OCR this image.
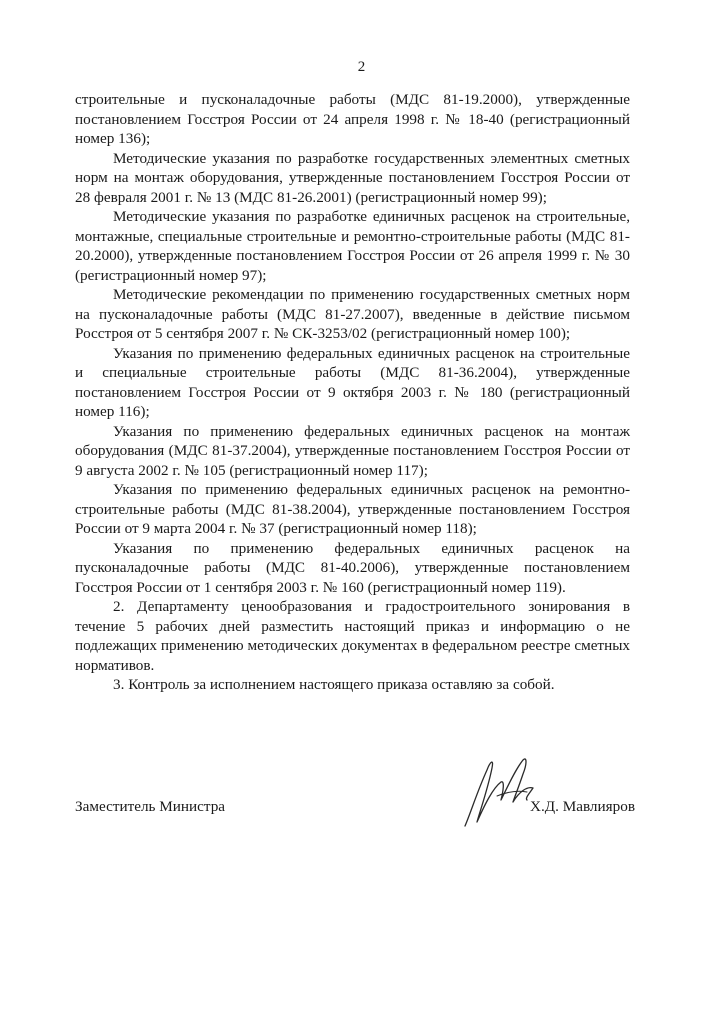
2

строительные и пусконаладочные работы (МДС 81-19.2000), утвержденные постановлением Госстроя России от 24 апреля 1998 г. № 18-40 (регистрационный номер 136);

Методические указания по разработке государственных элементных сметных норм на монтаж оборудования, утвержденные постановлением Госстроя России от 28 февраля 2001 г. № 13 (МДС 81-26.2001) (регистрационный номер 99);

Методические указания по разработке единичных расценок на строительные, монтажные, специальные строительные и ремонтно-строительные работы (МДС 81-20.2000), утвержденные постановлением Госстроя России от 26 апреля 1999 г. № 30 (регистрационный номер 97);

Методические рекомендации по применению государственных сметных норм на пусконаладочные работы (МДС 81-27.2007), введенные в действие письмом Росстроя от 5 сентября 2007 г. № СК-3253/02 (регистрационный номер 100);

Указания по применению федеральных единичных расценок на строительные и специальные строительные работы (МДС 81-36.2004), утвержденные постановлением Госстроя России от 9 октября 2003 г. № 180 (регистрационный номер 116);

Указания по применению федеральных единичных расценок на монтаж оборудования (МДС 81-37.2004), утвержденные постановлением Госстроя России от 9 августа 2002 г. № 105 (регистрационный номер 117);

Указания по применению федеральных единичных расценок на ремонтно-строительные работы (МДС 81-38.2004), утвержденные постановлением Госстроя России от 9 марта 2004 г. № 37 (регистрационный номер 118);

Указания по применению федеральных единичных расценок на пусконаладочные работы (МДС 81-40.2006), утвержденные постановлением Госстроя России от 1 сентября 2003 г. № 160 (регистрационный номер 119).

2. Департаменту ценообразования и градостроительного зонирования в течение 5 рабочих дней разместить настоящий приказ и информацию о не подлежащих применению методических документах в федеральном реестре сметных нормативов.

3. Контроль за исполнением настоящего приказа оставляю за собой.

Заместитель Министра	Х.Д. Мавлияров
